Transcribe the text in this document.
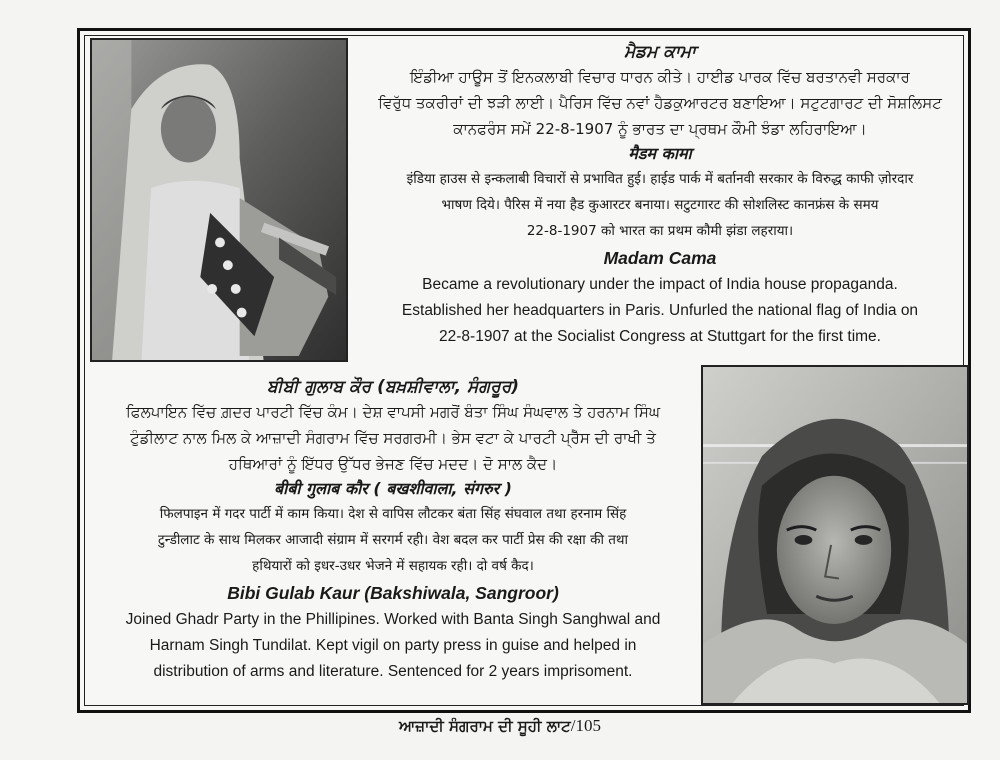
ਮੈਡਮ ਕਾਮਾ

ਇੰਡੀਆ ਹਾਊਸ ਤੋਂ ਇਨਕਲਾਬੀ ਵਿਚਾਰ ਧਾਰਨ ਕੀਤੇ। ਹਾਈਡ ਪਾਰਕ ਵਿੱਚ ਬਰਤਾਨਵੀ ਸਰਕਾਰ
ਵਿਰੁੱਧ ਤਕਰੀਰਾਂ ਦੀ ਝੜੀ ਲਾਈ। ਪੈਰਿਸ ਵਿੱਚ ਨਵਾਂ ਹੈਡਕੁਆਰਟਰ ਬਣਾਇਆ। ਸਟੁਟਗਾਰਟ ਦੀ ਸੋਸ਼ਲਿਸਟ
ਕਾਨਫਰੰਸ ਸਮੇਂ 22-8-1907 ਨੂੰ ਭਾਰਤ ਦਾ ਪ੍ਰਥਮ ਕੌਮੀ ਝੰਡਾ ਲਹਿਰਾਇਆ।

मैडम कामा

इंडिया हाउस से इन्कलाबी विचारों से प्रभावित हुई। हाईड पार्क में बर्तानवी सरकार के विरुद्ध काफी ज़ोरदार
भाषण दिये। पैरिस में नया हैड कुआरटर बनाया। सटुटगारट की सोशलिस्ट कानफ्रंस के समय
22-8-1907 को भारत का प्रथम कौमी झंडा लहराया।

Madam Cama

Became a revolutionary under the impact of India house propaganda.
Established her headquarters in Paris. Unfurled the national flag of India on
22-8-1907 at the Socialist Congress at Stuttgart for the first time.

ਬੀਬੀ ਗੁਲਾਬ ਕੌਰ (ਬਖ਼ਸ਼ੀਵਾਲਾ, ਸੰਗਰੂਰ)

ਫਿਲਪਾਇਨ ਵਿੱਚ ਗ਼ਦਰ ਪਾਰਟੀ ਵਿੱਚ ਕੰਮ। ਦੇਸ਼ ਵਾਪਸੀ ਮਗਰੋਂ ਬੰਤਾ ਸਿੰਘ ਸੰਘਵਾਲ ਤੇ ਹਰਨਾਮ ਸਿੰਘ
ਟੁੰਡੀਲਾਟ ਨਾਲ ਮਿਲ ਕੇ ਆਜ਼ਾਦੀ ਸੰਗਰਾਮ ਵਿੱਚ ਸਰਗਰਮੀ। ਭੇਸ ਵਟਾ ਕੇ ਪਾਰਟੀ ਪ੍ਰੈੱਸ ਦੀ ਰਾਖੀ ਤੇ
ਹਥਿਆਰਾਂ ਨੂੰ ਇੱਧਰ ਉੱਧਰ ਭੇਜਣ ਵਿੱਚ ਮਦਦ। ਦੋ ਸਾਲ ਕੈਦ।

बीबी गुलाब कौर ( बखशीवाला, संगरुर )

फिलपाइन में गदर पार्टी में काम किया। देश से वापिस लौटकर बंता सिंह संघवाल तथा हरनाम सिंह
टुन्डीलाट के साथ मिलकर आजादी संग्राम में सरगर्म रही। वेश बदल कर पार्टी प्रेस की रक्षा की तथा
हथियारों को इधर-उधर भेजने में सहायक रही। दो वर्ष कैद।

Bibi Gulab Kaur (Bakshiwala, Sangroor)

Joined Ghadr Party in the Phillipines. Worked with Banta Singh Sanghwal and
Harnam Singh Tundilat. Kept vigil on party press in guise and helped in
distribution of arms and literature. Sentenced for 2 years imprisoment.

ਆਜ਼ਾਦੀ ਸੰਗਰਾਮ ਦੀ ਸੂਹੀ ਲਾਟ/105
